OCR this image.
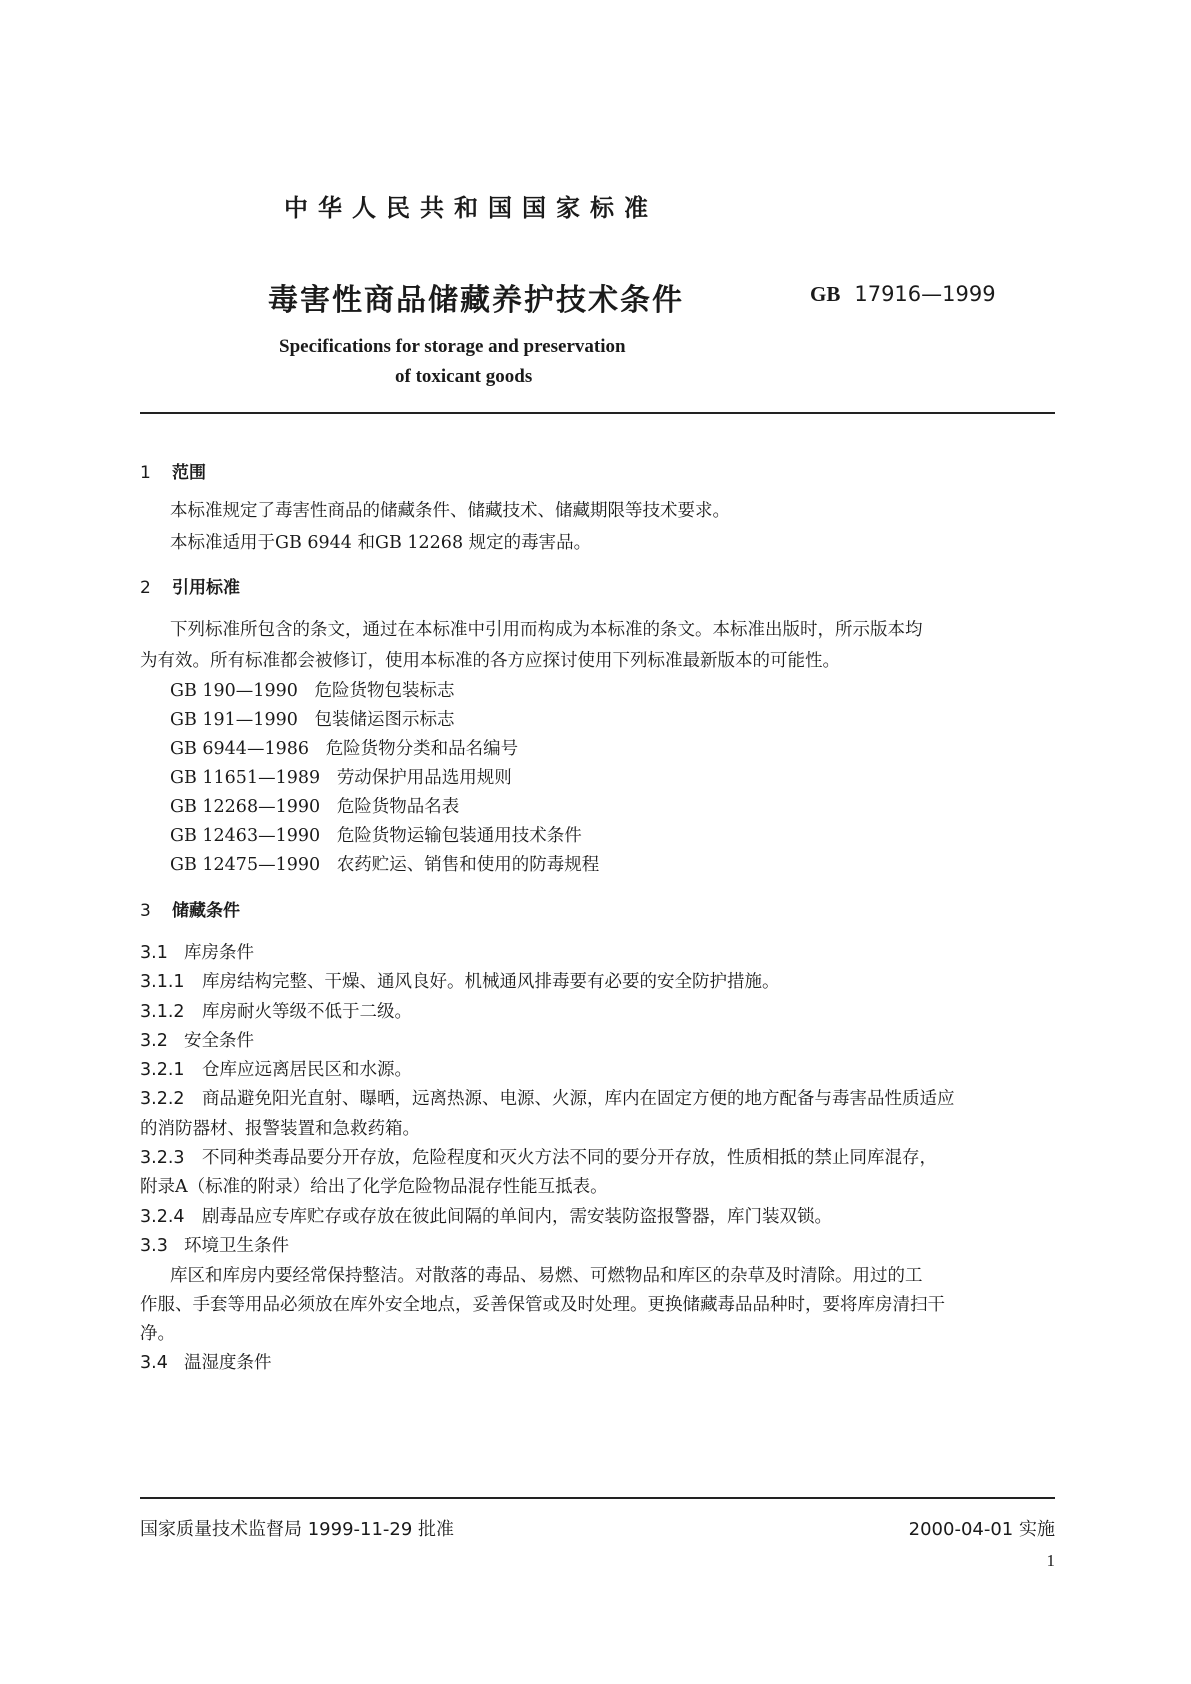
中华人民共和国国家标准
毒害性商品储藏养护技术条件	GB 17916—1999
Specifications for storage and preservation
of toxicant goods
1 范围
本标准规定了毒害性商品的储藏条件、储藏技术、储藏期限等技术要求。
本标准适用于GB 6944 和GB 12268 规定的毒害品。
2 引用标准
下列标准所包含的条文，通过在本标准中引用而构成为本标准的条文。本标准出版时，所示版本均
为有效。所有标准都会被修订，使用本标准的各方应探讨使用下列标准最新版本的可能性。
GB 190—1990 危险货物包装标志
GB 191—1990 包装储运图示标志
GB 6944—1986 危险货物分类和品名编号
GB 11651—1989 劳动保护用品选用规则
GB 12268—1990 危险货物品名表
GB 12463—1990 危险货物运输包装通用技术条件
GB 12475—1990 农药贮运、销售和使用的防毒规程
3 储藏条件
3.1 库房条件
3.1.1 库房结构完整、干燥、通风良好。机械通风排毒要有必要的安全防护措施。
3.1.2 库房耐火等级不低于二级。
3.2 安全条件
3.2.1 仓库应远离居民区和水源。
3.2.2 商品避免阳光直射、曝晒，远离热源、电源、火源，库内在固定方便的地方配备与毒害品性质适应
的消防器材、报警装置和急救药箱。
3.2.3 不同种类毒品要分开存放，危险程度和灭火方法不同的要分开存放，性质相抵的禁止同库混存，
附录A（标准的附录）给出了化学危险物品混存性能互抵表。
3.2.4 剧毒品应专库贮存或存放在彼此间隔的单间内，需安装防盗报警器，库门装双锁。
3.3 环境卫生条件
库区和库房内要经常保持整洁。对散落的毒品、易燃、可燃物品和库区的杂草及时清除。用过的工
作服、手套等用品必须放在库外安全地点，妥善保管或及时处理。更换储藏毒品品种时，要将库房清扫干
净。
3.4 温湿度条件
国家质量技术监督局 1999-11-29 批准	2000-04-01 实施
1
